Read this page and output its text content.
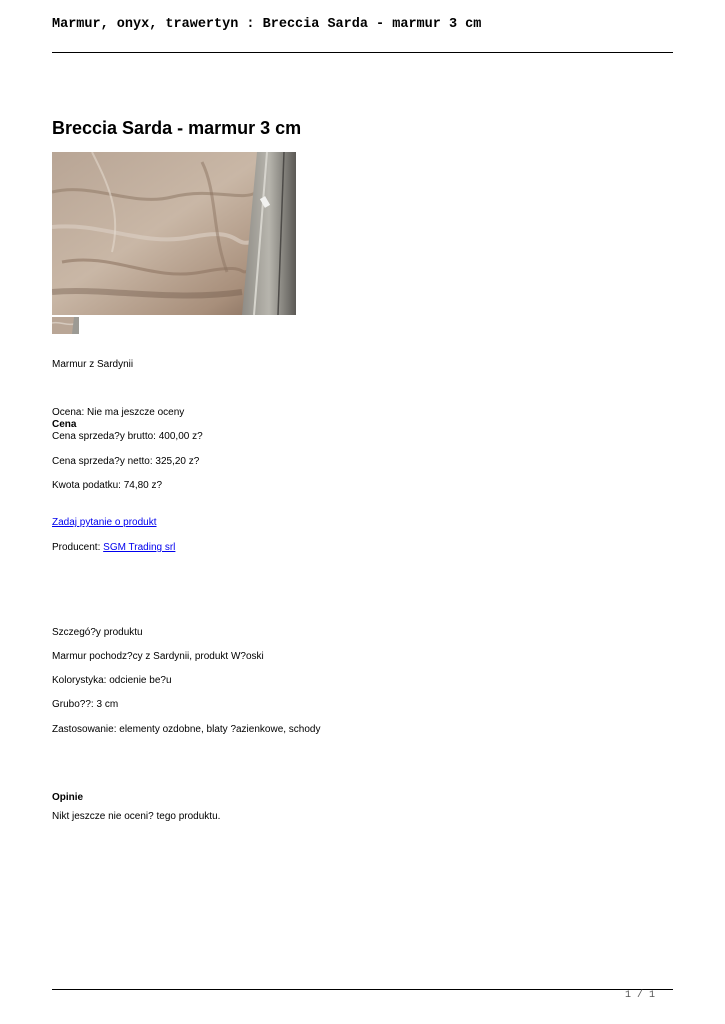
Marmur, onyx, trawertyn : Breccia Sarda - marmur 3 cm
Breccia Sarda - marmur 3 cm
Marmur z Sardynii
Ocena: Nie ma jeszcze oceny
Cena
Cena sprzeda?y brutto: 400,00 z?
Cena sprzeda?y netto: 325,20 z?
Kwota podatku: 74,80 z?
Zadaj pytanie o produkt
Producent: SGM Trading srl
Szczegó?y produktu
Marmur pochodz?cy z Sardynii, produkt W?oski
Kolorystyka: odcienie be?u
Grubo??: 3 cm
Zastosowanie: elementy ozdobne, blaty ?azienkowe, schody
Opinie
Nikt jeszcze nie oceni? tego produktu.
1 / 1
